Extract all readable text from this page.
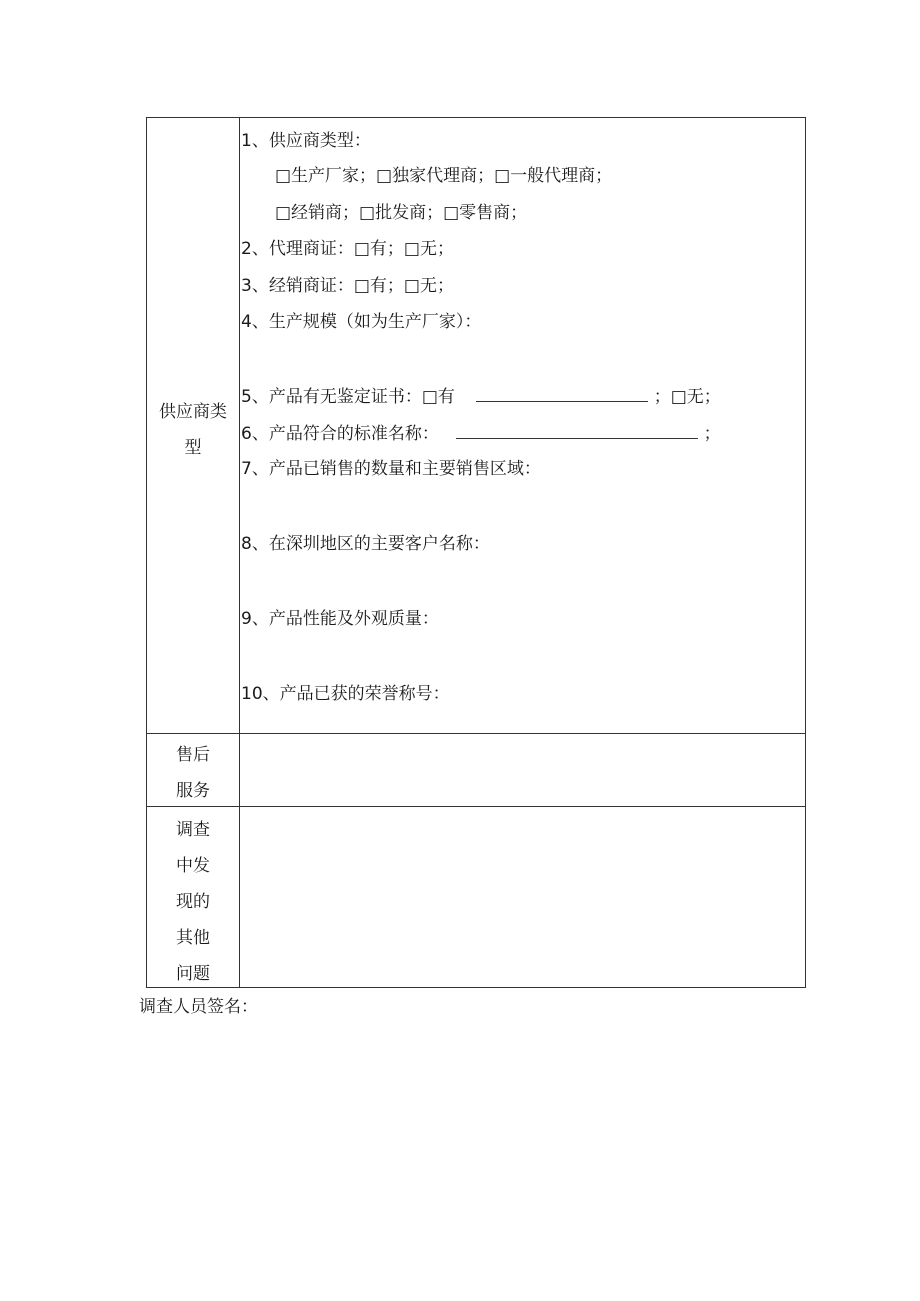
供应商类型
售后
服务
调查
中发
现的
其他
问题
1、供应商类型：
□生产厂家；□独家代理商；□一般代理商；
□经销商；□批发商；□零售商；
2、代理商证：□有；□无；
3、经销商证：□有；□无；
4、生产规模（如为生产厂家）：
5、产品有无鉴定证书：□有	；□无；
6、产品符合的标准名称：	；
7、产品已销售的数量和主要销售区域：
8、在深圳地区的主要客户名称：
9、产品性能及外观质量：
10、产品已获的荣誉称号：
调查人员签名：
